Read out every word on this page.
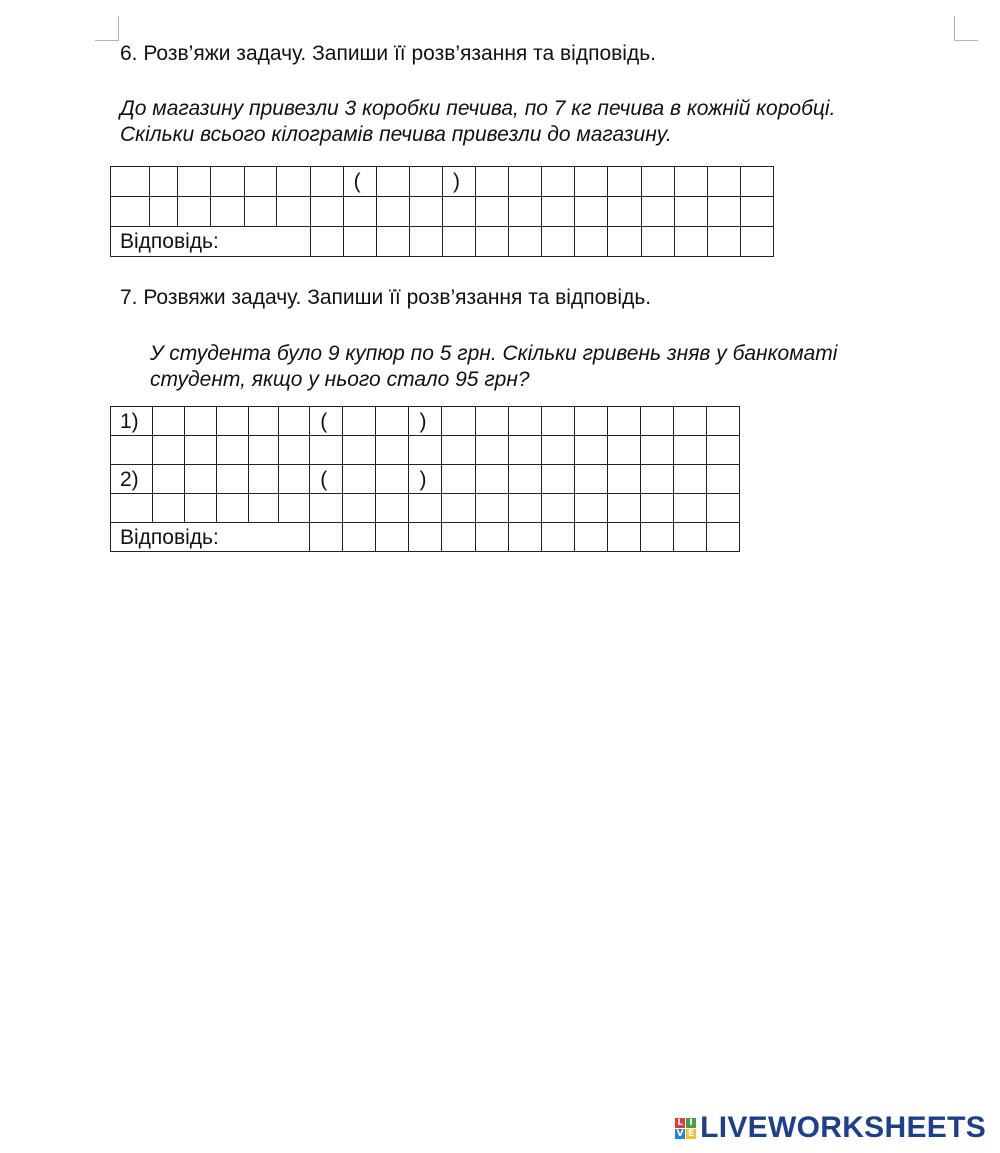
6. Розв’яжи задачу. Запиши її розв’язання та відповідь.
До магазину привезли 3 коробки печива, по 7 кг печива в кожній коробці.
Скільки всього кілограмів печива привезли до магазину.
							(			)									

Відповідь:																			
7. Розвяжи задачу. Запиши її розв’язання та відповідь.
У студента було 9 купюр по 5 грн. Скільки гривень зняв у банкоматі
студент, якщо у нього стало 95 грн?
1)						(			)									

2)						(			)									

Відповідь:																		
L I
V E LIVEWORKSHEETS
